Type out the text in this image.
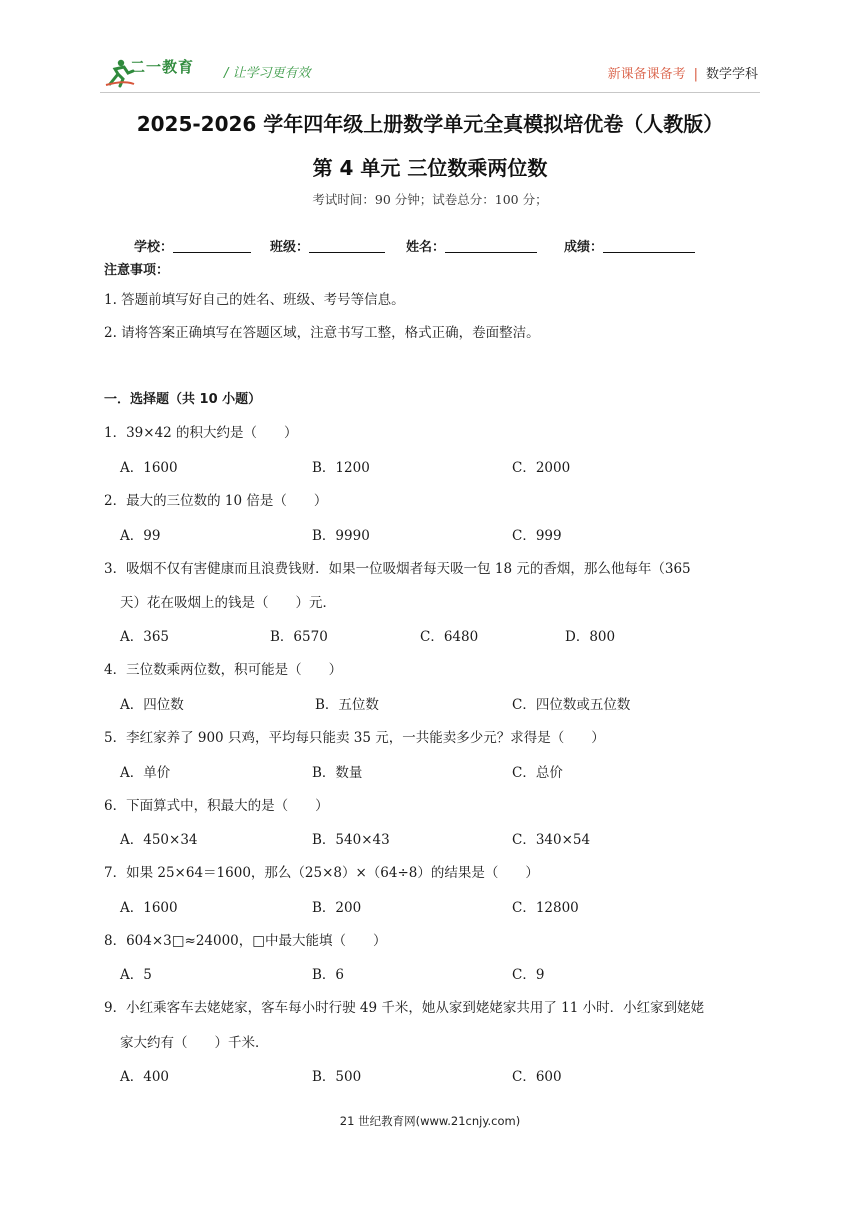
二一教育 / 让学习更有效	新课备课备考 | 数学学科
2025-2026 学年四年级上册数学单元全真模拟培优卷（人教版）
第 4 单元 三位数乘两位数
考试时间：90 分钟；试卷总分：100 分；
学校：	班级：	姓名：	成绩：
注意事项：
1. 答题前填写好自己的姓名、班级、考号等信息。
2. 请将答案正确填写在答题区域，注意书写工整，格式正确，卷面整洁。
一．选择题（共 10 小题）
1．39×42 的积大约是（　　）
A．1600	B．1200	C．2000
2．最大的三位数的 10 倍是（　　）
A．99	B．9990	C．999
3．吸烟不仅有害健康而且浪费钱财．如果一位吸烟者每天吸一包 18 元的香烟，那么他每年（365
天）花在吸烟上的钱是（　　）元．
A．365	B．6570	C．6480	D．800
4．三位数乘两位数，积可能是（　　）
A．四位数	B．五位数	C．四位数或五位数
5．李红家养了 900 只鸡，平均每只能卖 35 元，一共能卖多少元？求得是（　　）
A．单价	B．数量	C．总价
6．下面算式中，积最大的是（　　）
A．450×34	B．540×43	C．340×54
7．如果 25×64＝1600，那么（25×8）×（64÷8）的结果是（　　）
A．1600	B．200	C．12800
8．604×3□≈24000，□中最大能填（　　）
A．5	B．6	C．9
9．小红乘客车去姥姥家，客车每小时行驶 49 千米，她从家到姥姥家共用了 11 小时．小红家到姥姥
家大约有（　　）千米．
A．400	B．500	C．600
21 世纪教育网(www.21cnjy.com)
